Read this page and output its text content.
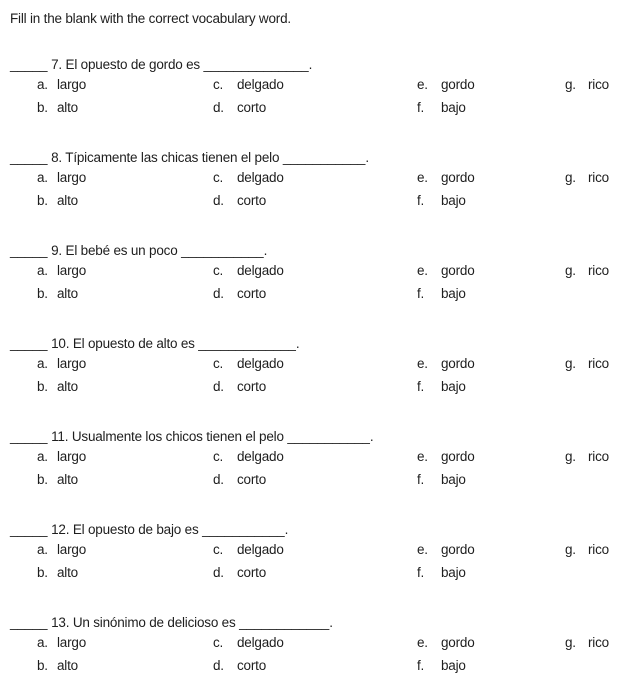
Fill in the blank with the correct vocabulary word.

_____ 7. El opuesto de gordo es ______________.

a. largo	c. delgado	e. gordo	g. rico
b. alto	d. corto	f. bajo

_____ 8. Típicamente las chicas tienen el pelo ___________.

a. largo	c. delgado	e. gordo	g. rico
b. alto	d. corto	f. bajo

_____ 9. El bebé es un poco ___________.

a. largo	c. delgado	e. gordo	g. rico
b. alto	d. corto	f. bajo

_____ 10. El opuesto de alto es _____________.

a. largo	c. delgado	e. gordo	g. rico
b. alto	d. corto	f. bajo

_____ 11. Usualmente los chicos tienen el pelo ___________.

a. largo	c. delgado	e. gordo	g. rico
b. alto	d. corto	f. bajo

_____ 12. El opuesto de bajo es ___________.

a. largo	c. delgado	e. gordo	g. rico
b. alto	d. corto	f. bajo

_____ 13. Un sinónimo de delicioso es ____________.

a. largo	c. delgado	e. gordo	g. rico
b. alto	d. corto	f. bajo
